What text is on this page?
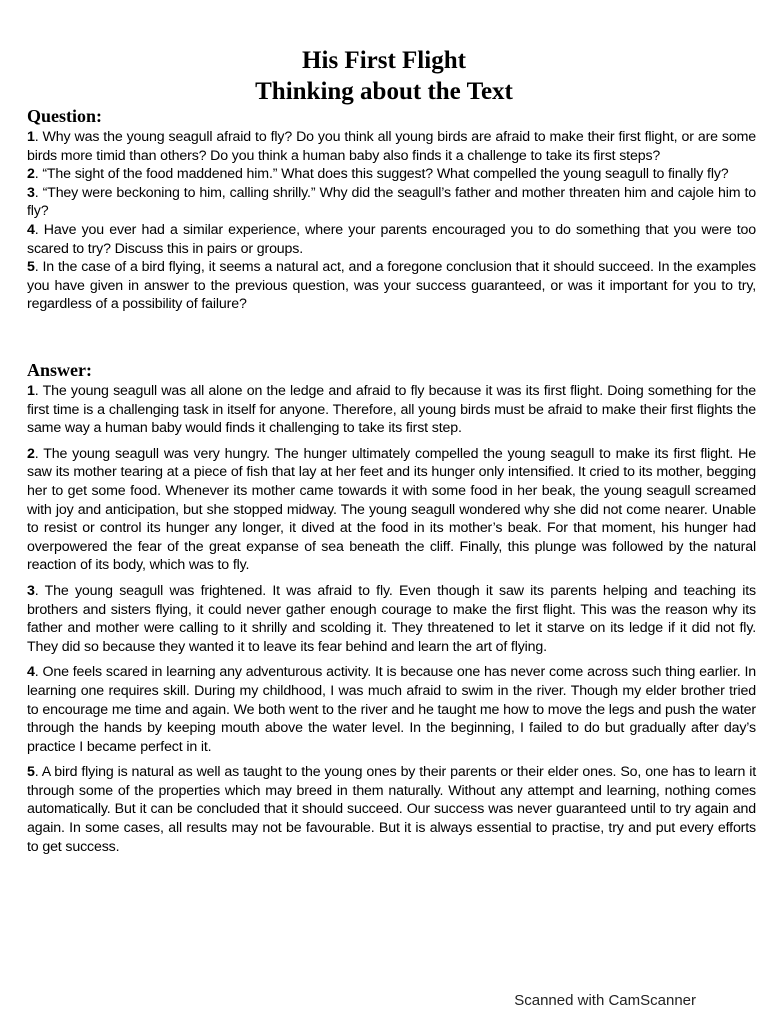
His First Flight
Thinking about the Text
Question:
1. Why was the young seagull afraid to fly? Do you think all young birds are afraid to make their first flight, or are some birds more timid than others? Do you think a human baby also finds it a challenge to take its first steps?
2. “The sight of the food maddened him.” What does this suggest? What compelled the young seagull to finally fly?
3. “They were beckoning to him, calling shrilly.” Why did the seagull’s father and mother threaten him and cajole him to fly?
4. Have you ever had a similar experience, where your parents encouraged you to do something that you were too scared to try? Discuss this in pairs or groups.
5. In the case of a bird flying, it seems a natural act, and a foregone conclusion that it should succeed. In the examples you have given in answer to the previous question, was your success guaranteed, or was it important for you to try, regardless of a possibility of failure?
Answer:
1. The young seagull was all alone on the ledge and afraid to fly because it was its first flight. Doing something for the first time is a challenging task in itself for anyone. Therefore, all young birds must be afraid to make their first flights the same way a human baby would finds it challenging to take its first step.
2. The young seagull was very hungry. The hunger ultimately compelled the young seagull to make its first flight. He saw its mother tearing at a piece of fish that lay at her feet and its hunger only intensified. It cried to its mother, begging her to get some food. Whenever its mother came towards it with some food in her beak, the young seagull screamed with joy and anticipation, but she stopped midway. The young seagull wondered why she did not come nearer. Unable to resist or control its hunger any longer, it dived at the food in its mother’s beak. For that moment, his hunger had overpowered the fear of the great expanse of sea beneath the cliff. Finally, this plunge was followed by the natural reaction of its body, which was to fly.
3. The young seagull was frightened. It was afraid to fly. Even though it saw its parents helping and teaching its brothers and sisters flying, it could never gather enough courage to make the first flight. This was the reason why its father and mother were calling to it shrilly and scolding it. They threatened to let it starve on its ledge if it did not fly. They did so because they wanted it to leave its fear behind and learn the art of flying.
4. One feels scared in learning any adventurous activity. It is because one has never come across such thing earlier. In learning one requires skill. During my childhood, I was much afraid to swim in the river. Though my elder brother tried to encourage me time and again. We both went to the river and he taught me how to move the legs and push the water through the hands by keeping mouth above the water level. In the beginning, I failed to do but gradually after day’s practice I became perfect in it.
5. A bird flying is natural as well as taught to the young ones by their parents or their elder ones. So, one has to learn it through some of the properties which may breed in them naturally. Without any attempt and learning, nothing comes automatically. But it can be concluded that it should succeed. Our success was never guaranteed until to try again and again. In some cases, all results may not be favourable. But it is always essential to practise, try and put every efforts to get success.
Scanned with CamScanner
